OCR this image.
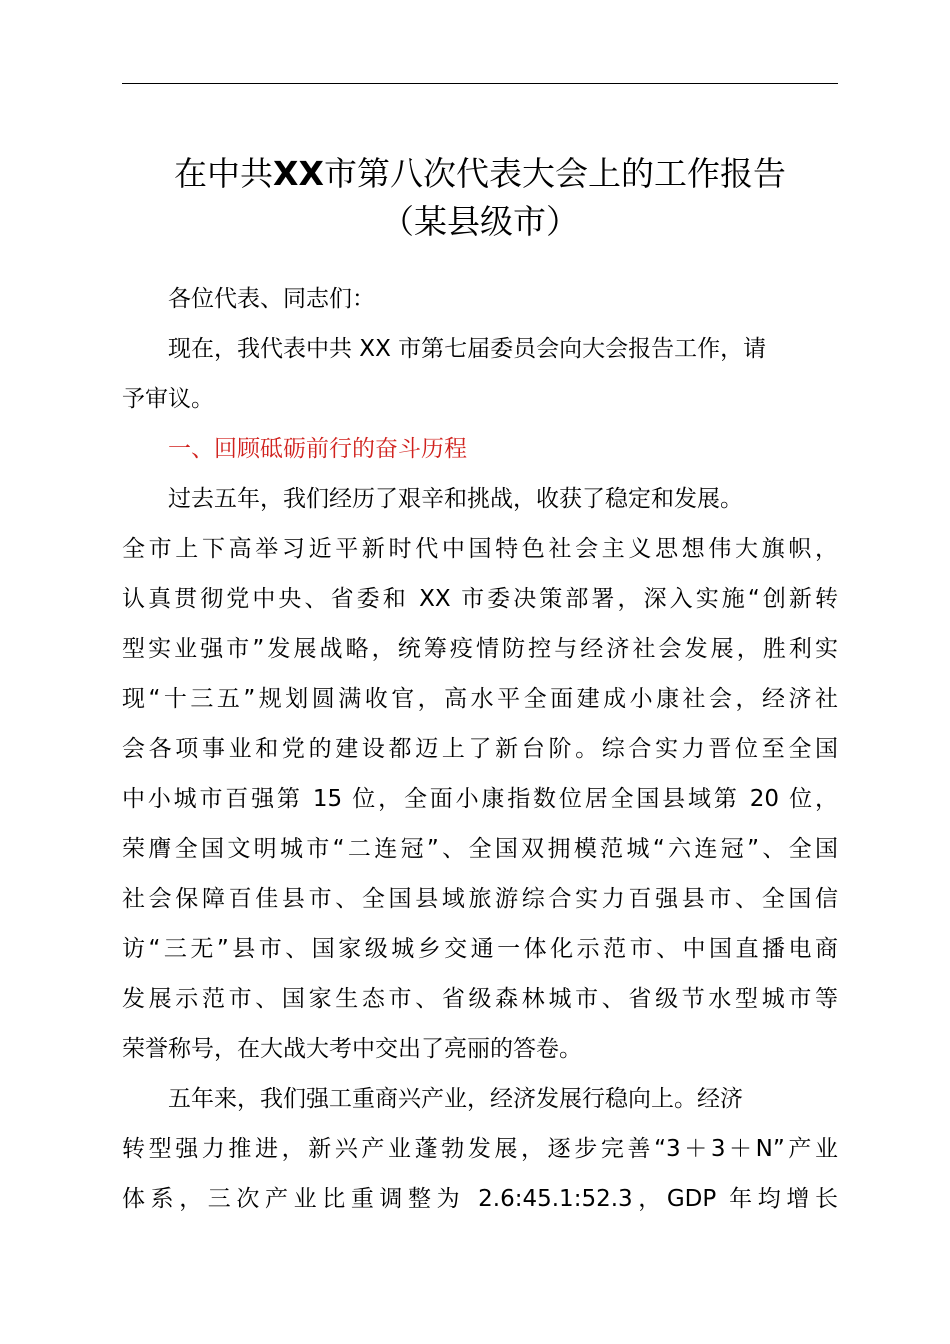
在中共XX市第八次代表大会上的工作报告
（某县级市）
各位代表、同志们：
现在，我代表中共 XX 市第七届委员会向大会报告工作，请
予审议。
一、回顾砥砺前行的奋斗历程
过去五年，我们经历了艰辛和挑战，收获了稳定和发展。
全市上下高举习近平新时代中国特色社会主义思想伟大旗帜，
认真贯彻党中央、省委和 XX 市委决策部署，深入实施“创新转
型实业强市”发展战略，统筹疫情防控与经济社会发展，胜利实
现“十三五”规划圆满收官，高水平全面建成小康社会，经济社
会各项事业和党的建设都迈上了新台阶。综合实力晋位至全国
中小城市百强第 15 位，全面小康指数位居全国县域第 20 位，
荣膺全国文明城市“二连冠”、全国双拥模范城“六连冠”、全国
社会保障百佳县市、全国县域旅游综合实力百强县市、全国信
访“三无”县市、国家级城乡交通一体化示范市、中国直播电商
发展示范市、国家生态市、省级森林城市、省级节水型城市等
荣誉称号，在大战大考中交出了亮丽的答卷。
五年来，我们强工重商兴产业，经济发展行稳向上。经济
转型强力推进，新兴产业蓬勃发展，逐步完善“3＋3＋N”产业
体系，三次产业比重调整为 2.6:45.1:52.3，GDP 年均增长
